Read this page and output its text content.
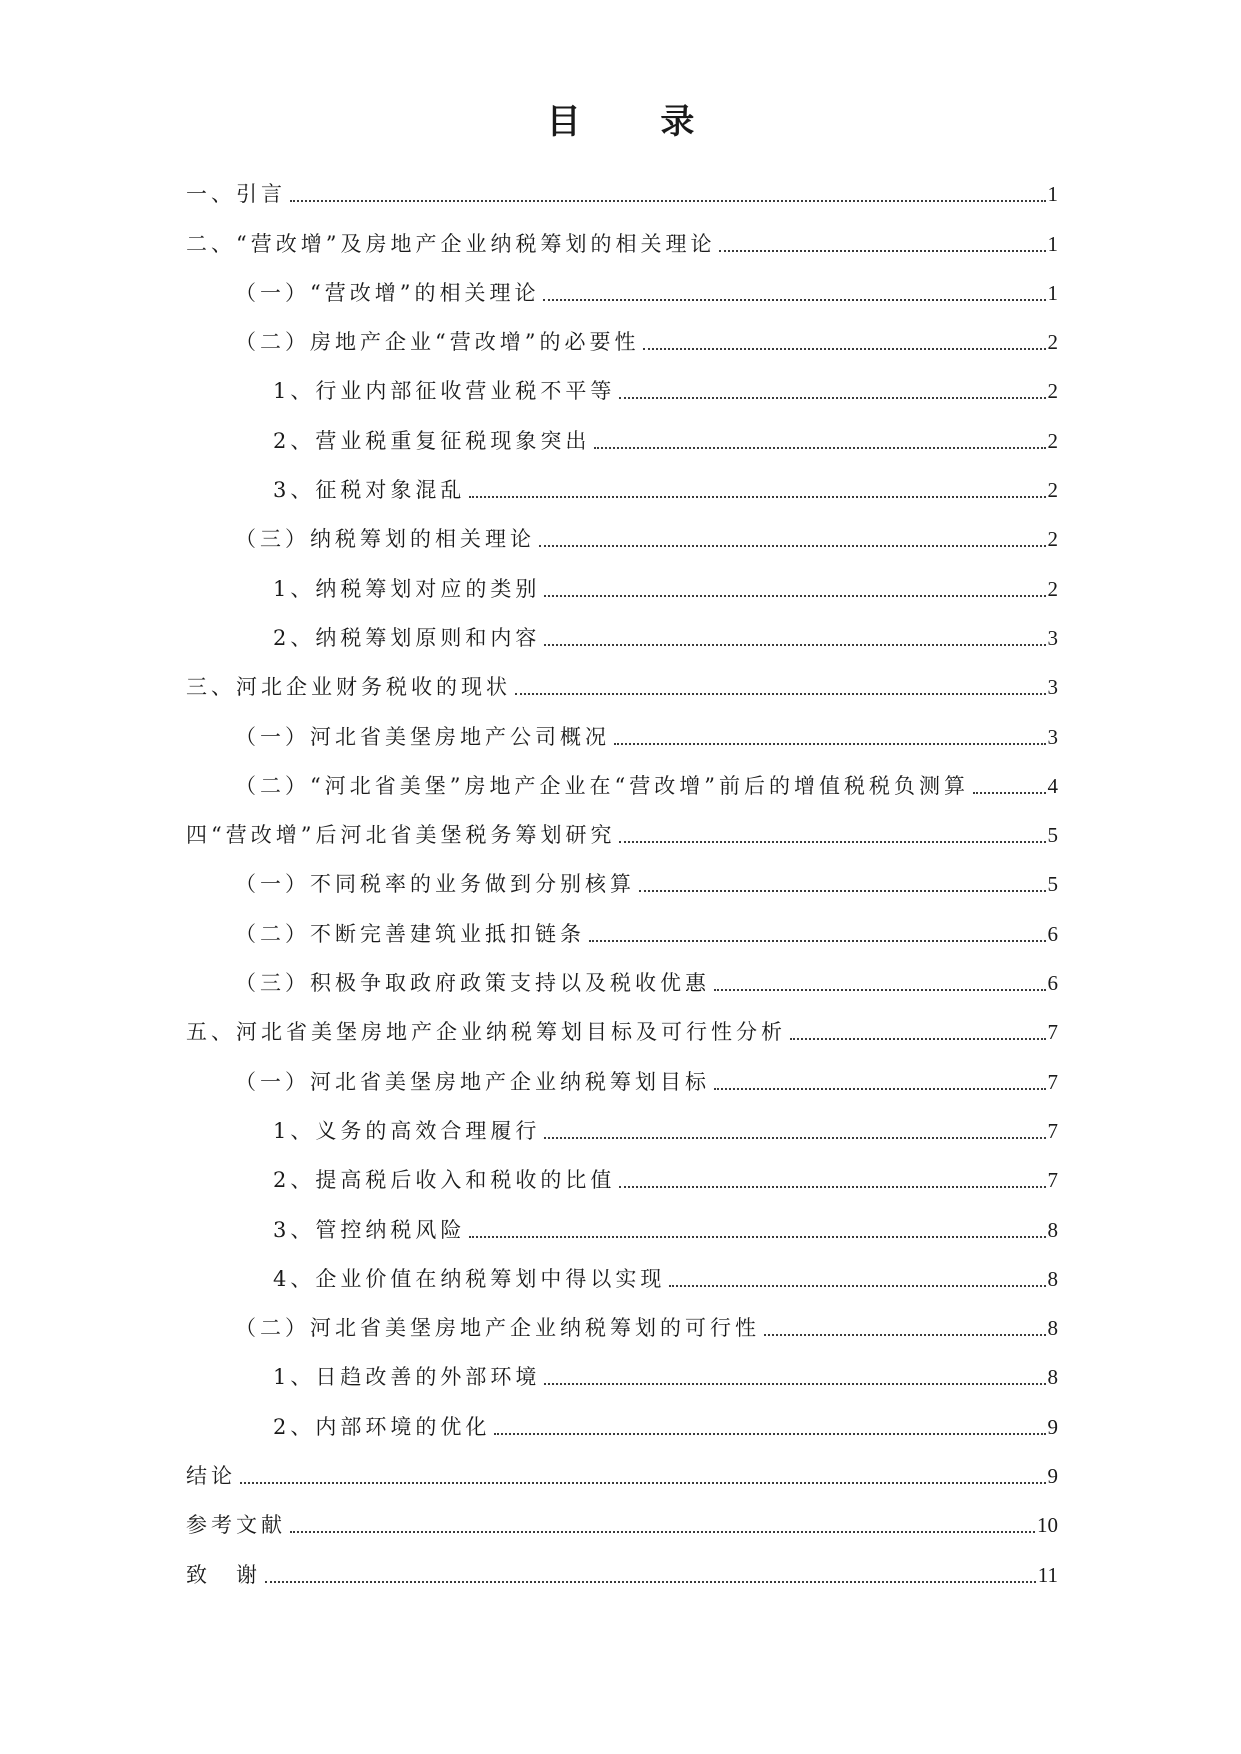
目 录
一、引言	1
二、“营改增”及房地产企业纳税筹划的相关理论	1
（一）“营改增”的相关理论	1
（二）房地产企业“营改增”的必要性	2
1、行业内部征收营业税不平等	2
2、营业税重复征税现象突出	2
3、征税对象混乱	2
（三）纳税筹划的相关理论	2
1、纳税筹划对应的类别	2
2、纳税筹划原则和内容	3
三、河北企业财务税收的现状	3
（一）河北省美堡房地产公司概况	3
（二）“河北省美堡”房地产企业在“营改增”前后的增值税税负测算	4
四“营改增”后河北省美堡税务筹划研究	5
（一）不同税率的业务做到分别核算	5
（二）不断完善建筑业抵扣链条	6
（三）积极争取政府政策支持以及税收优惠	6
五、河北省美堡房地产企业纳税筹划目标及可行性分析	7
（一）河北省美堡房地产企业纳税筹划目标	7
1、义务的高效合理履行	7
2、提高税后收入和税收的比值	7
3、管控纳税风险	8
4、企业价值在纳税筹划中得以实现	8
（二）河北省美堡房地产企业纳税筹划的可行性	8
1、日趋改善的外部环境	8
2、内部环境的优化	9
结论	9
参考文献	10
致　谢	11
